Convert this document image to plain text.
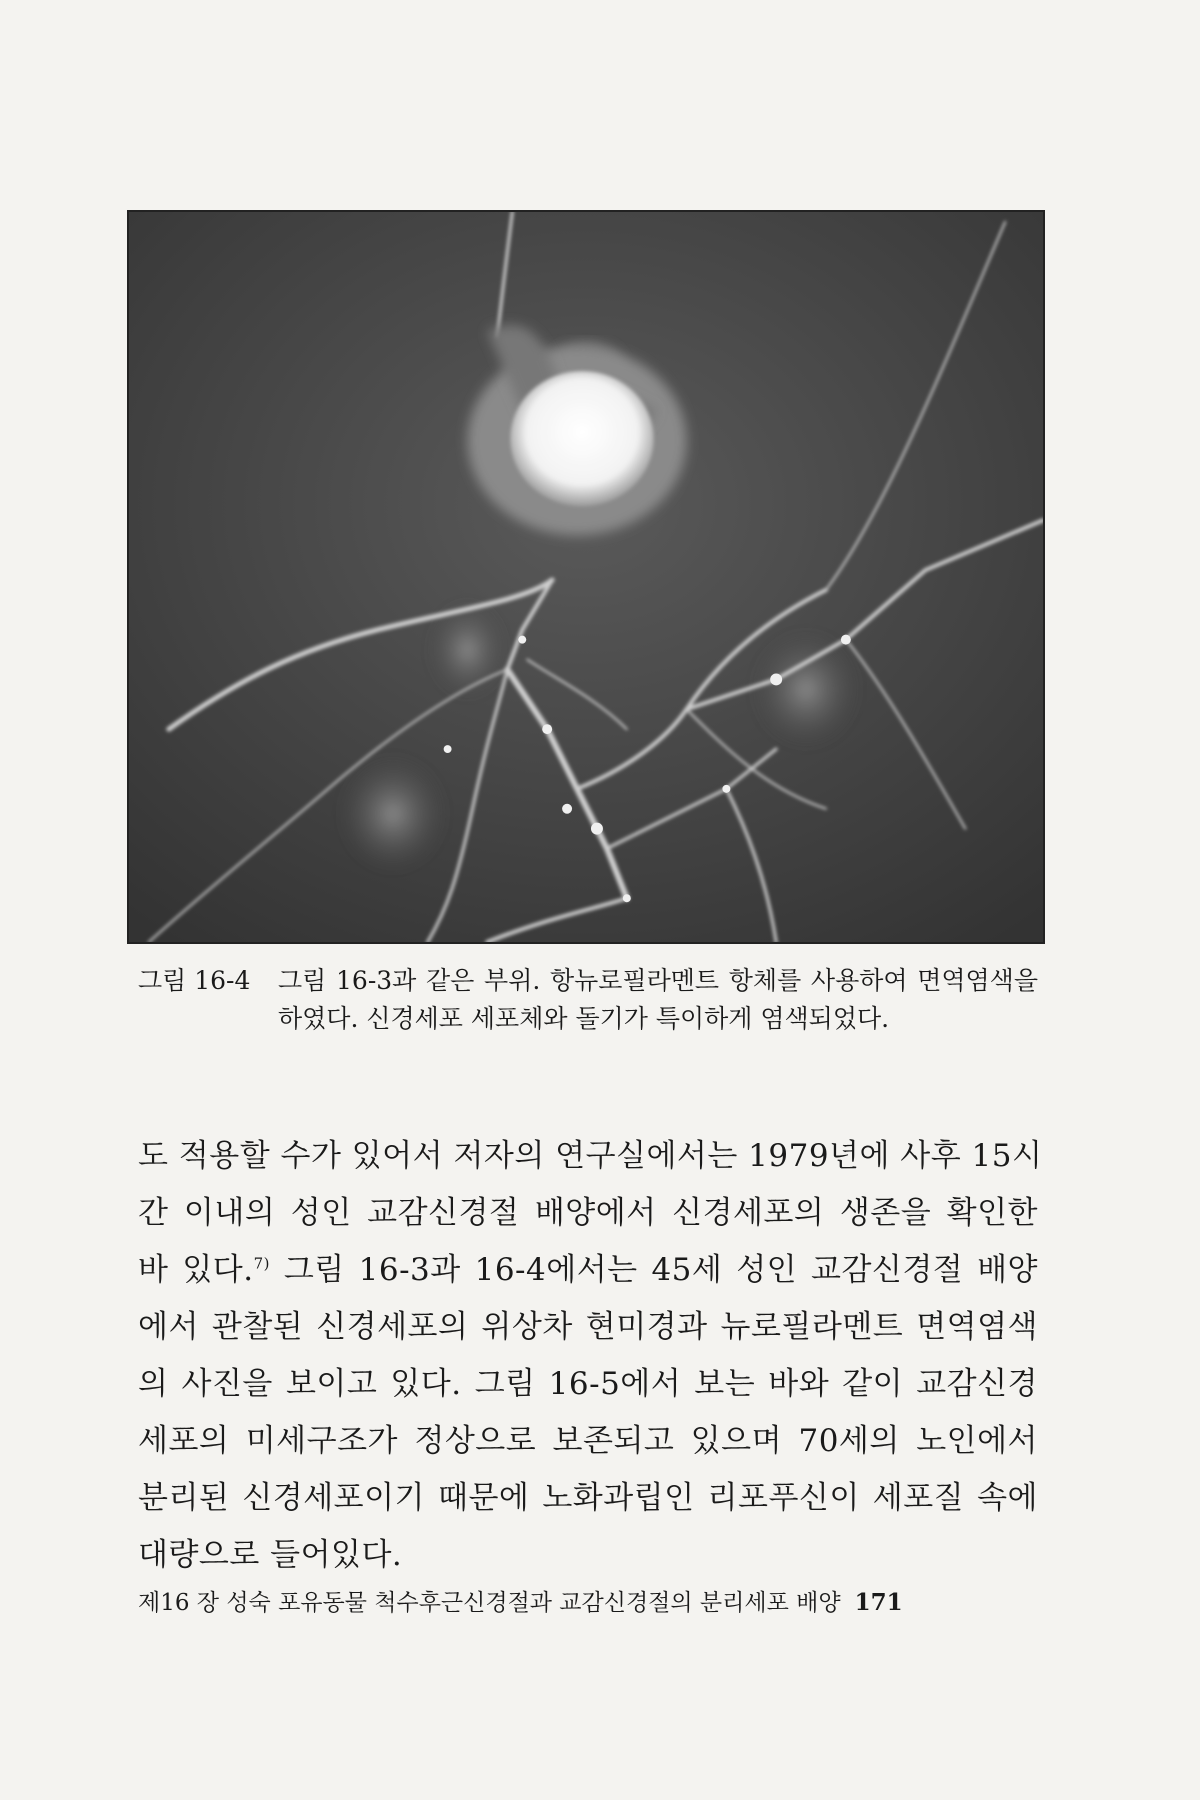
그림 16-4	그림 16-3과 같은 부위. 항뉴로필라멘트 항체를 사용하여 면역염색을 하였다. 신경세포 세포체와 돌기가 특이하게 염색되었다.
도 적용할 수가 있어서 저자의 연구실에서는 1979년에 사후 15시
간 이내의 성인 교감신경절 배양에서 신경세포의 생존을 확인한
바 있다.$^{7)}$ 그림 16-3과 16-4에서는 45세 성인 교감신경절 배양
에서 관찰된 신경세포의 위상차 현미경과 뉴로필라멘트 면역염색
의 사진을 보이고 있다. 그림 16-5에서 보는 바와 같이 교감신경
세포의 미세구조가 정상으로 보존되고 있으며 70세의 노인에서
분리된 신경세포이기 때문에 노화과립인 리포푸신이 세포질 속에
대량으로 들어있다.
제16 장 성숙 포유동물 척수후근신경절과 교감신경절의 분리세포 배양 171
